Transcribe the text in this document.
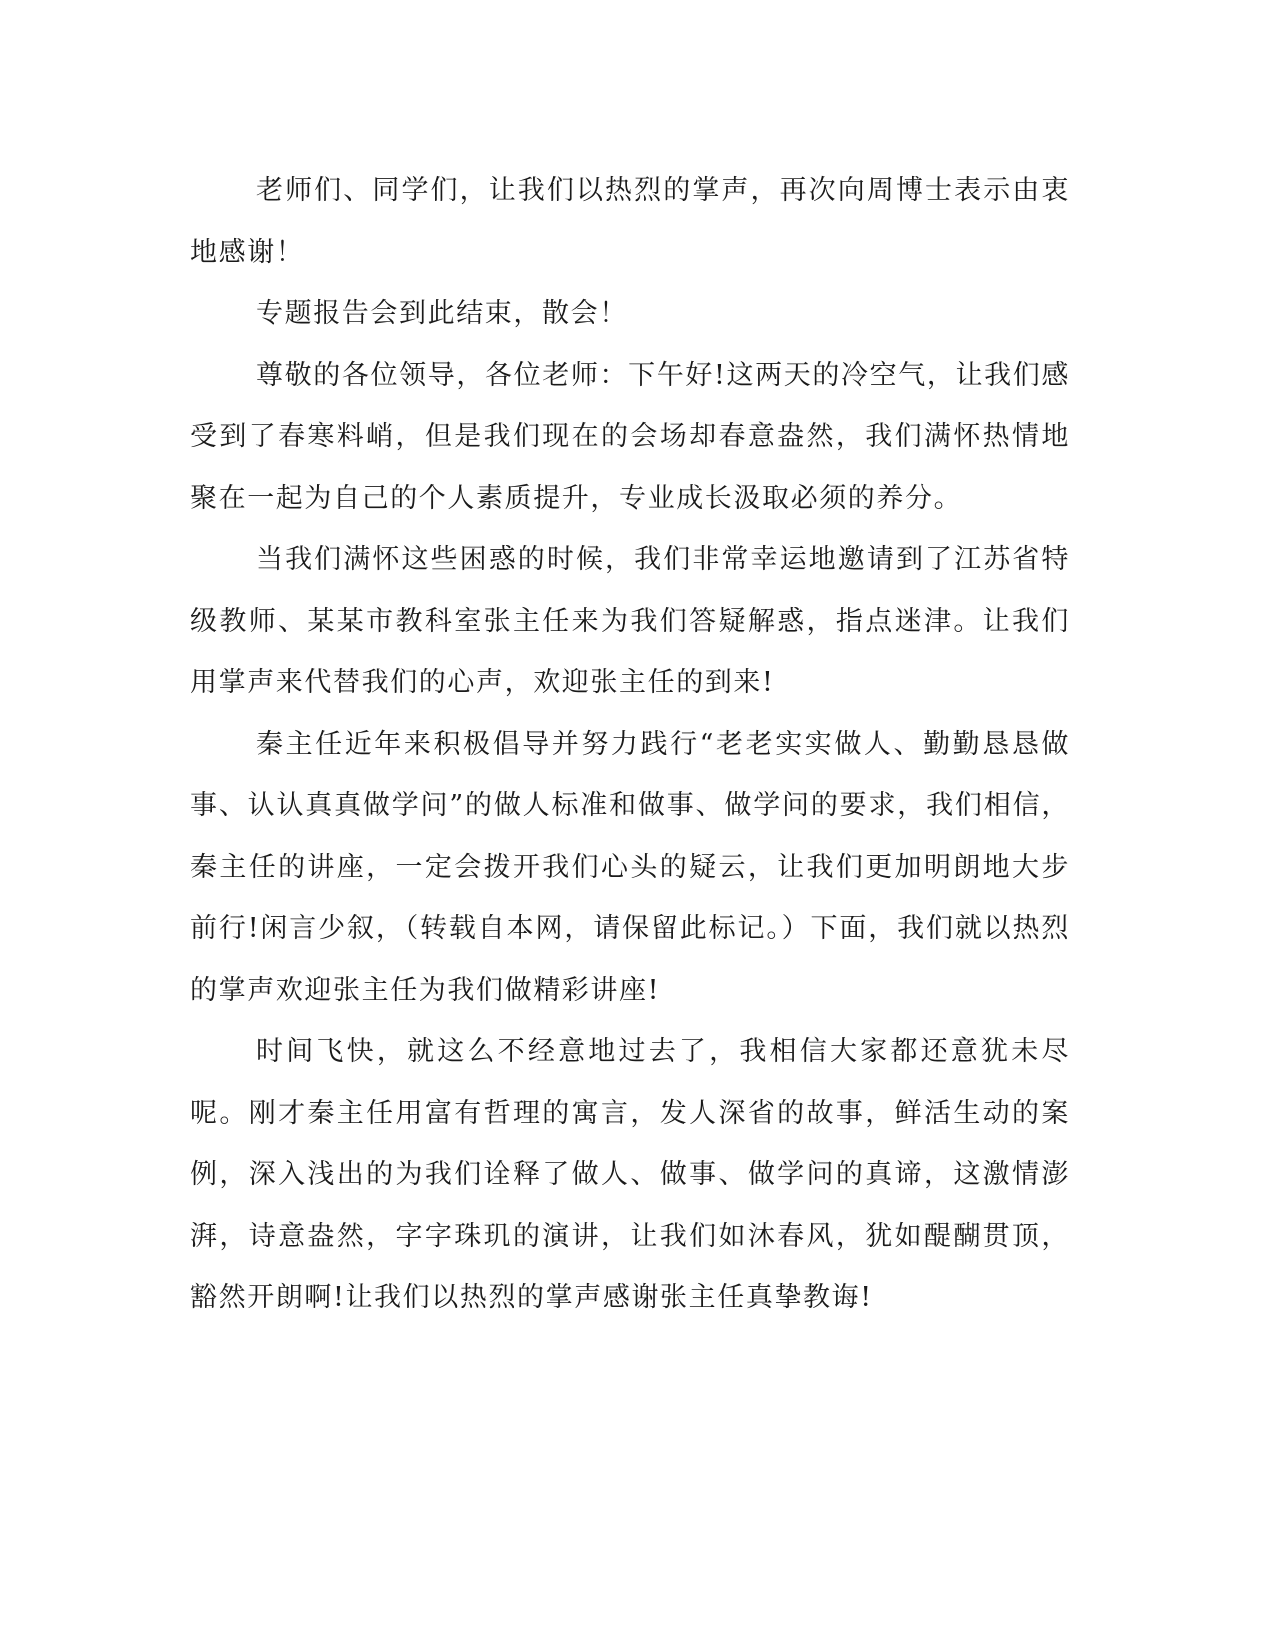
老师们、同学们，让我们以热烈的掌声，再次向周博士表示由衷地感谢！

专题报告会到此结束，散会！

尊敬的各位领导，各位老师：下午好!这两天的冷空气，让我们感受到了春寒料峭，但是我们现在的会场却春意盎然，我们满怀热情地聚在一起为自己的个人素质提升，专业成长汲取必须的养分。

当我们满怀这些困惑的时候，我们非常幸运地邀请到了江苏省特级教师、某某市教科室张主任来为我们答疑解惑，指点迷津。让我们用掌声来代替我们的心声，欢迎张主任的到来!

秦主任近年来积极倡导并努力践行“老老实实做人、勤勤恳恳做事、认认真真做学问”的做人标准和做事、做学问的要求，我们相信，秦主任的讲座，一定会拨开我们心头的疑云，让我们更加明朗地大步前行!闲言少叙，（转载自本网，请保留此标记。）下面，我们就以热烈的掌声欢迎张主任为我们做精彩讲座!

时间飞快，就这么不经意地过去了，我相信大家都还意犹未尽呢。刚才秦主任用富有哲理的寓言，发人深省的故事，鲜活生动的案例，深入浅出的为我们诠释了做人、做事、做学问的真谛，这激情澎湃，诗意盎然，字字珠玑的演讲，让我们如沐春风，犹如醍醐贯顶，豁然开朗啊!让我们以热烈的掌声感谢张主任真挚教诲!
